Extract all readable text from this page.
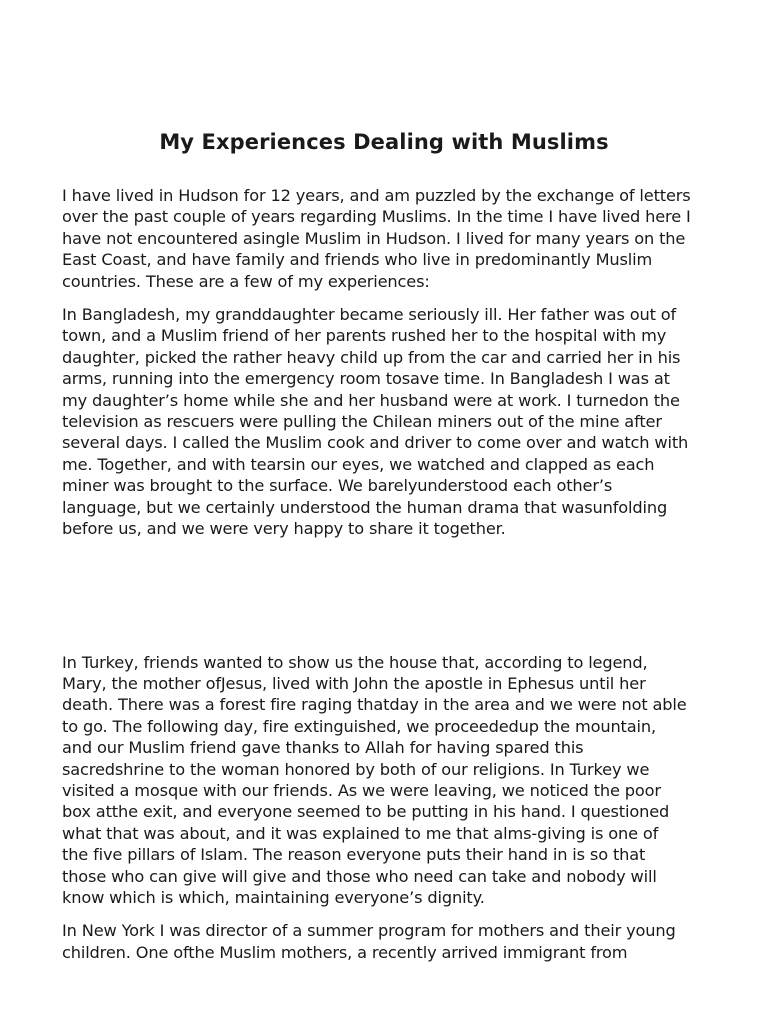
My Experiences Dealing with Muslims

I have lived in Hudson for 12 years, and am puzzled by the exchange of letters
over the past couple of years regarding Muslims. In the time I have lived here I
have not encountered asingle Muslim in Hudson. I lived for many years on the
East Coast, and have family and friends who live in predominantly Muslim
countries. These are a few of my experiences:

In Bangladesh, my granddaughter became seriously ill. Her father was out of
town, and a Muslim friend of her parents rushed her to the hospital with my
daughter, picked the rather heavy child up from the car and carried her in his
arms, running into the emergency room tosave time. In Bangladesh I was at
my daughter’s home while she and her husband were at work. I turnedon the
television as rescuers were pulling the Chilean miners out of the mine after
several days. I called the Muslim cook and driver to come over and watch with
me. Together, and with tearsin our eyes, we watched and clapped as each
miner was brought to the surface. We barelyunderstood each other’s
language, but we certainly understood the human drama that wasunfolding
before us, and we were very happy to share it together.

In Turkey, friends wanted to show us the house that, according to legend,
Mary, the mother ofJesus, lived with John the apostle in Ephesus until her
death. There was a forest fire raging thatday in the area and we were not able
to go. The following day, fire extinguished, we proceededup the mountain,
and our Muslim friend gave thanks to Allah for having spared this
sacredshrine to the woman honored by both of our religions. In Turkey we
visited a mosque with our friends. As we were leaving, we noticed the poor
box atthe exit, and everyone seemed to be putting in his hand. I questioned
what that was about, and it was explained to me that alms-giving is one of
the five pillars of Islam. The reason everyone puts their hand in is so that
those who can give will give and those who need can take and nobody will
know which is which, maintaining everyone’s dignity.

In New York I was director of a summer program for mothers and their young
children. One ofthe Muslim mothers, a recently arrived immigrant from
